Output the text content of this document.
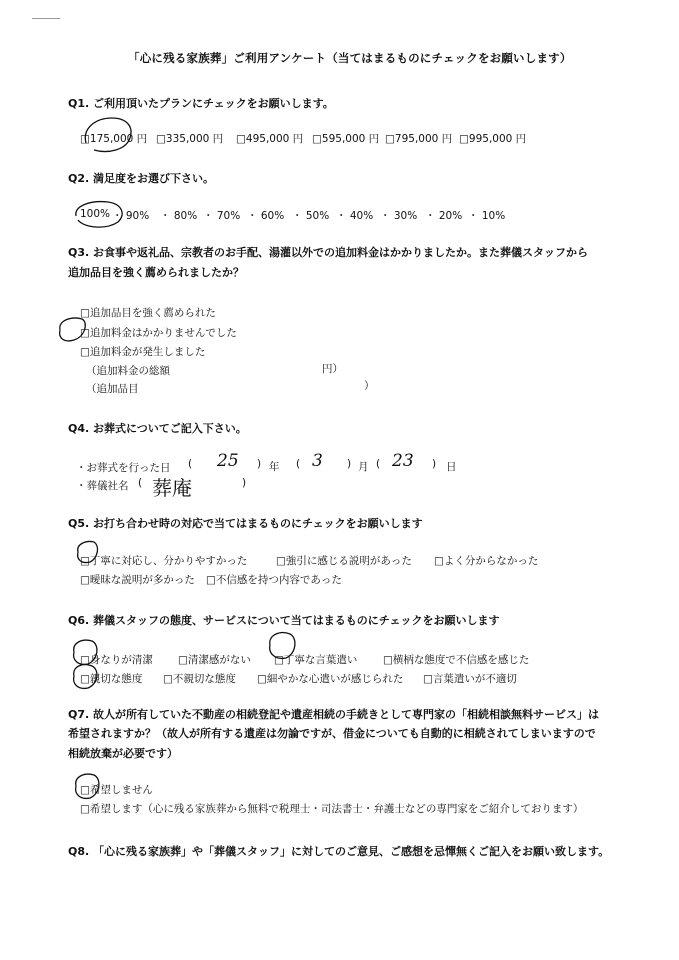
「心に残る家族葬」ご利用アンケート（当てはまるものにチェックをお願いします）
Q1. ご利用頂いたプランにチェックをお願いします。
□175,000 円 □335,000 円 □495,000 円 □595,000 円 □795,000 円 □995,000 円
Q2. 満足度をお選び下さい。
100% ・ 90% ・ 80% ・ 70% ・ 60% ・ 50% ・ 40% ・ 30% ・ 20% ・ 10%
Q3. お食事や返礼品、宗教者のお手配、湯灌以外での追加料金はかかりましたか。また葬儀スタッフから
追加品目を強く薦められましたか？
□追加品目を強く薦められた
□追加料金はかかりませんでした
□追加料金が発生しました
（追加料金の総額	円）
（追加品目	）
Q4. お葬式についてご記入下さい。
・お葬式を行った日 ( 25 ) 年 ( 3 ) 月 ( 23 ) 日
・葬儀社名 ( 葬庵	)
Q5. お打ち合わせ時の対応で当てはまるものにチェックをお願いします
□丁寧に対応し、分かりやすかった	□強引に感じる説明があった □よく分からなかった
□曖昧な説明が多かった □不信感を持つ内容であった
Q6. 葬儀スタッフの態度、サービスについて当てはまるものにチェックをお願いします
□身なりが清潔 □清潔感がない □丁寧な言葉遣い □横柄な態度で不信感を感じた
□親切な態度 □不親切な態度 □細やかな心遣いが感じられた □言葉遣いが不適切
Q7. 故人が所有していた不動産の相続登記や遺産相続の手続きとして専門家の「相続相談無料サービス」は
希望されますか？（故人が所有する遺産は勿論ですが、借金についても自動的に相続されてしまいますので
相続放棄が必要です）
□希望しません
□希望します（心に残る家族葬から無料で税理士・司法書士・弁護士などの専門家をご紹介しております）
Q8. 「心に残る家族葬」や「葬儀スタッフ」に対してのご意見、ご感想を忌憚無くご記入をお願い致します。
